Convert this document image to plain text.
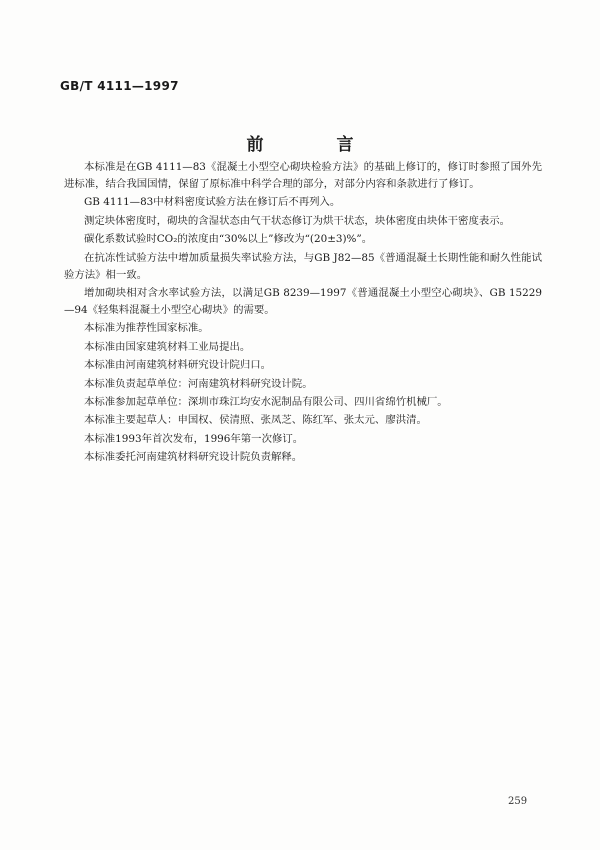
GB/T 4111—1997
前　言

本标准是在GB 4111—83《混凝土小型空心砌块检验方法》的基础上修订的，修订时参照了国外先进标准，结合我国国情，保留了原标准中科学合理的部分，对部分内容和条款进行了修订。

GB 4111—83中材料密度试验方法在修订后不再列入。

测定块体密度时，砌块的含湿状态由气干状态修订为烘干状态，块体密度由块体干密度表示。

碳化系数试验时CO₂的浓度由“30%以上”修改为“(20±3)%”。

在抗冻性试验方法中增加质量损失率试验方法，与GB J82—85《普通混凝土长期性能和耐久性能试验方法》相一致。

增加砌块相对含水率试验方法，以满足GB 8239—1997《普通混凝土小型空心砌块》、GB 15229—94《轻集料混凝土小型空心砌块》的需要。

本标准为推荐性国家标准。

本标准由国家建筑材料工业局提出。

本标准由河南建筑材料研究设计院归口。

本标准负责起草单位：河南建筑材料研究设计院。

本标准参加起草单位：深圳市珠江均安水泥制品有限公司、四川省绵竹机械厂。

本标准主要起草人：申国权、侯清照、张凤芝、陈红军、张太元、廖洪清。

本标准1993年首次发布，1996年第一次修订。

本标准委托河南建筑材料研究设计院负责解释。

259
